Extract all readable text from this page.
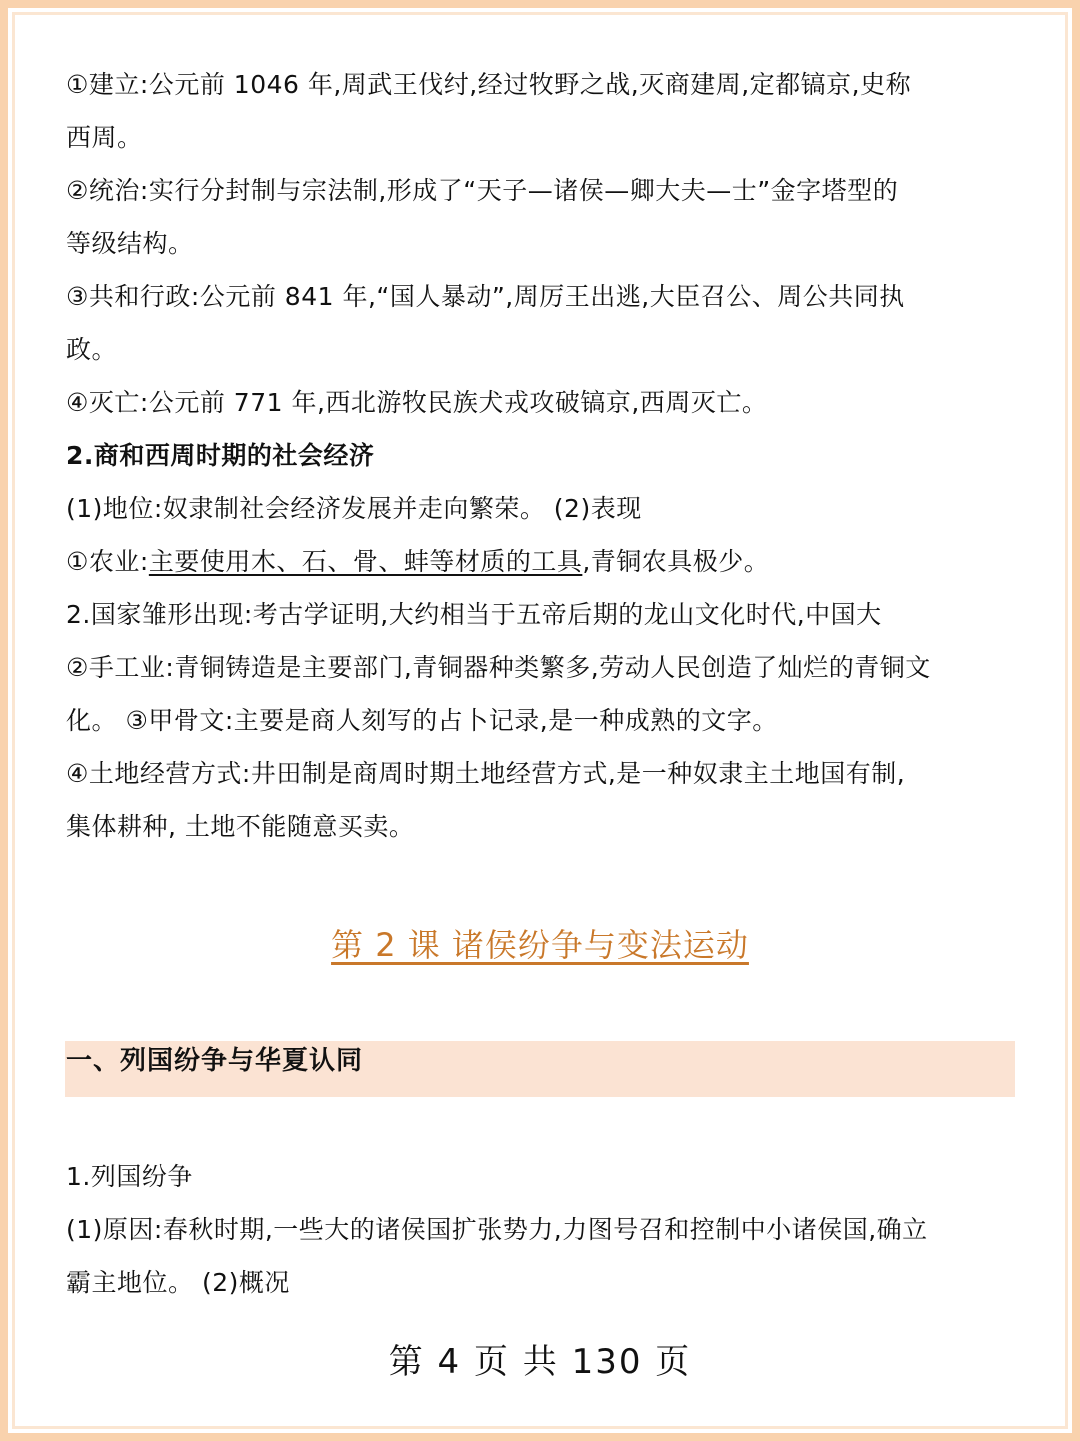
①建立:公元前 1046 年,周武王伐纣,经过牧野之战,灭商建周,定都镐京,史称
西周。
②统治:实行分封制与宗法制,形成了“天子—诸侯—卿大夫—士”金字塔型的
等级结构。
③共和行政:公元前 841 年,“国人暴动”,周厉王出逃,大臣召公、周公共同执
政。
④灭亡:公元前 771 年,西北游牧民族犬戎攻破镐京,西周灭亡。
2.商和西周时期的社会经济
(1)地位:奴隶制社会经济发展并走向繁荣。 (2)表现
①农业:主要使用木、石、骨、蚌等材质的工具,青铜农具极少。
2.国家雏形出现:考古学证明,大约相当于五帝后期的龙山文化时代,中国大
②手工业:青铜铸造是主要部门,青铜器种类繁多,劳动人民创造了灿烂的青铜文
化。 ③甲骨文:主要是商人刻写的占卜记录,是一种成熟的文字。
④土地经营方式:井田制是商周时期土地经营方式,是一种奴隶主土地国有制,
集体耕种, 土地不能随意买卖。
第 2 课 诸侯纷争与变法运动
一、列国纷争与华夏认同
1.列国纷争
(1)原因:春秋时期,一些大的诸侯国扩张势力,力图号召和控制中小诸侯国,确立
霸主地位。 (2)概况
第 4 页 共 130 页
